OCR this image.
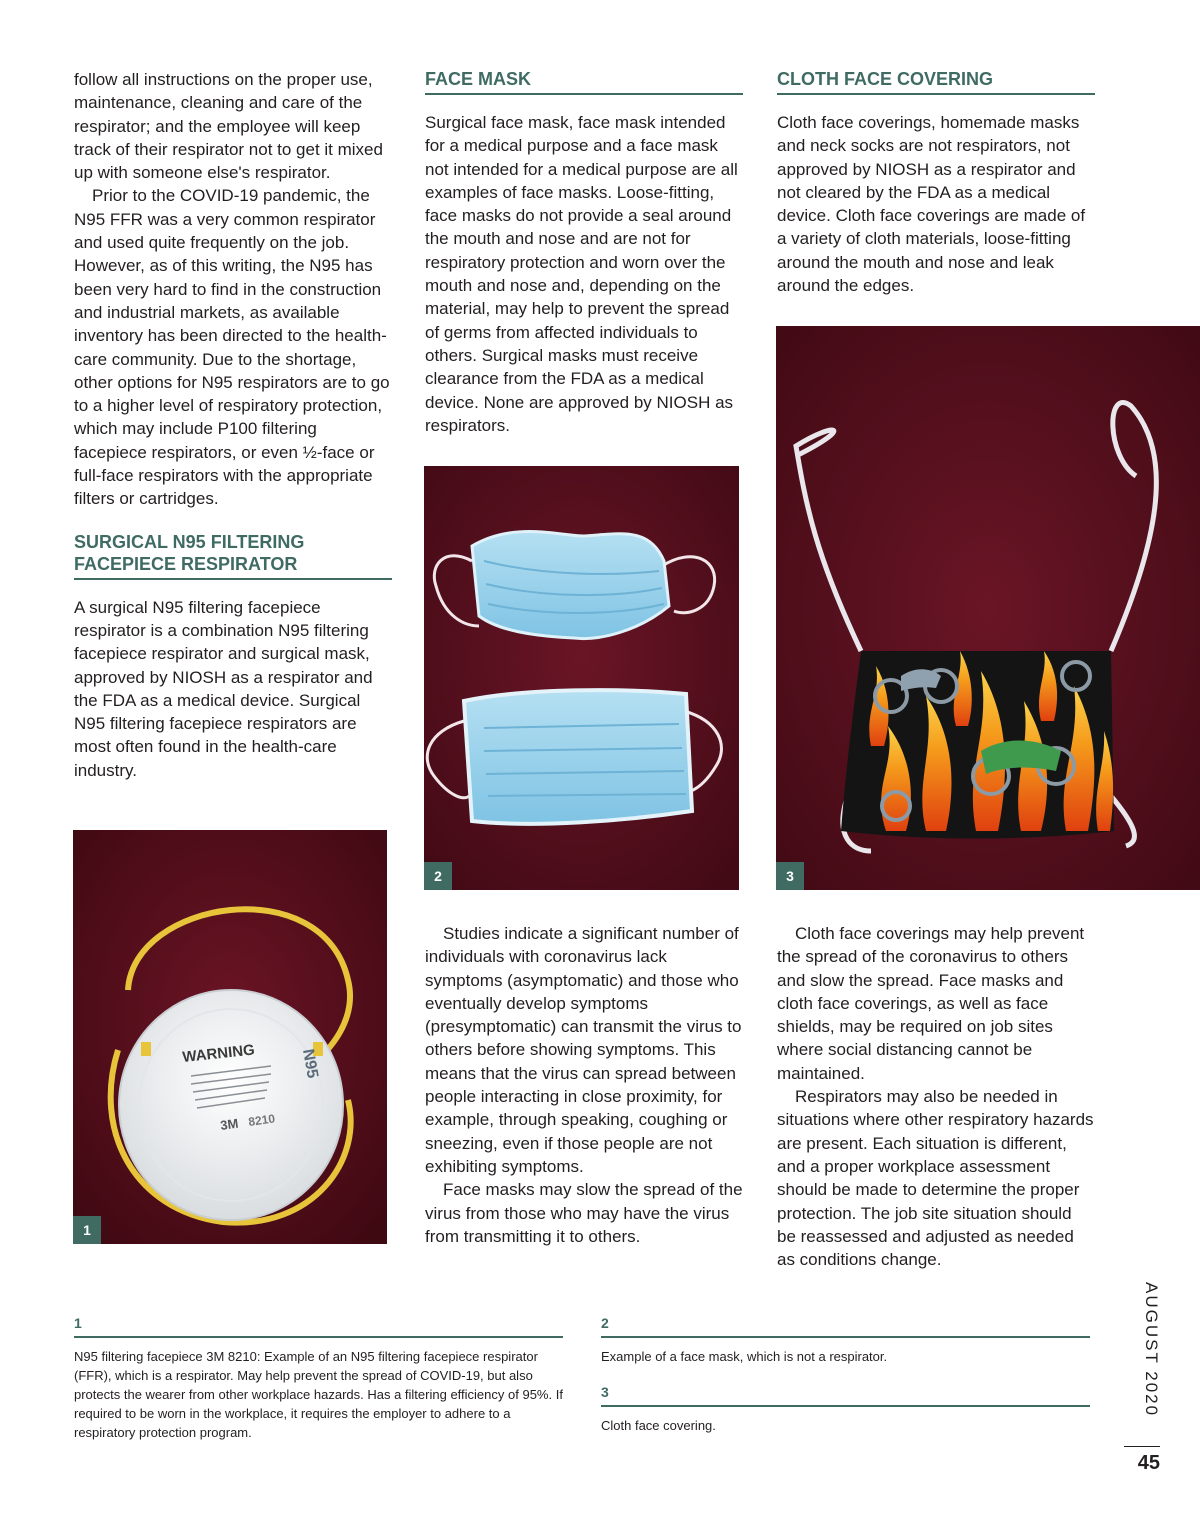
follow all instructions on the proper use, maintenance, cleaning and care of the respirator; and the employee will keep track of their respirator not to get it mixed up with someone else's respirator.

Prior to the COVID-19 pandemic, the N95 FFR was a very common respirator and used quite frequently on the job. However, as of this writing, the N95 has been very hard to find in the construction and industrial markets, as available inventory has been directed to the health-care community. Due to the shortage, other options for N95 respirators are to go to a higher level of respiratory protection, which may include P100 filtering facepiece respirators, or even ½-face or full-face respirators with the appropriate filters or cartridges.

SURGICAL N95 FILTERING FACEPIECE RESPIRATOR

A surgical N95 filtering facepiece respirator is a combination N95 filtering facepiece respirator and surgical mask, approved by NIOSH as a respirator and the FDA as a medical device. Surgical N95 filtering facepiece respirators are most often found in the health-care industry.

FACE MASK

Surgical face mask, face mask intended for a medical purpose and a face mask not intended for a medical purpose are all examples of face masks. Loose-fitting, face masks do not provide a seal around the mouth and nose and are not for respiratory protection and worn over the mouth and nose and, depending on the material, may help to prevent the spread of germs from affected individuals to others. Surgical masks must receive clearance from the FDA as a medical device. None are approved by NIOSH as respirators.

Studies indicate a significant number of individuals with coronavirus lack symptoms (asymptomatic) and those who eventually develop symptoms (presymptomatic) can transmit the virus to others before showing symptoms. This means that the virus can spread between people interacting in close proximity, for example, through speaking, coughing or sneezing, even if those people are not exhibiting symptoms.

Face masks may slow the spread of the virus from those who may have the virus from transmitting it to others.

CLOTH FACE COVERING

Cloth face coverings, homemade masks and neck socks are not respirators, not approved by NIOSH as a respirator and not cleared by the FDA as a medical device. Cloth face coverings are made of a variety of cloth materials, loose-fitting around the mouth and nose and leak around the edges.

Cloth face coverings may help prevent the spread of the coronavirus to others and slow the spread. Face masks and cloth face coverings, as well as face shields, may be required on job sites where social distancing cannot be maintained.

Respirators may also be needed in situations where other respiratory hazards are present. Each situation is different, and a proper workplace assessment should be made to determine the proper protection. The job site situation should be reassessed and adjusted as needed as conditions change.

WARNING	N95
3M 8210
1
2	3
1

N95 filtering facepiece 3M 8210: Example of an N95 filtering facepiece respirator (FFR), which is a respirator. May help prevent the spread of COVID-19, but also protects the wearer from other workplace hazards. Has a filtering efficiency of 95%. If required to be worn in the workplace, it requires the employer to adhere to a respiratory protection program.

2

Example of a face mask, which is not a respirator.

3

Cloth face covering.

AUGUST 2020
45
